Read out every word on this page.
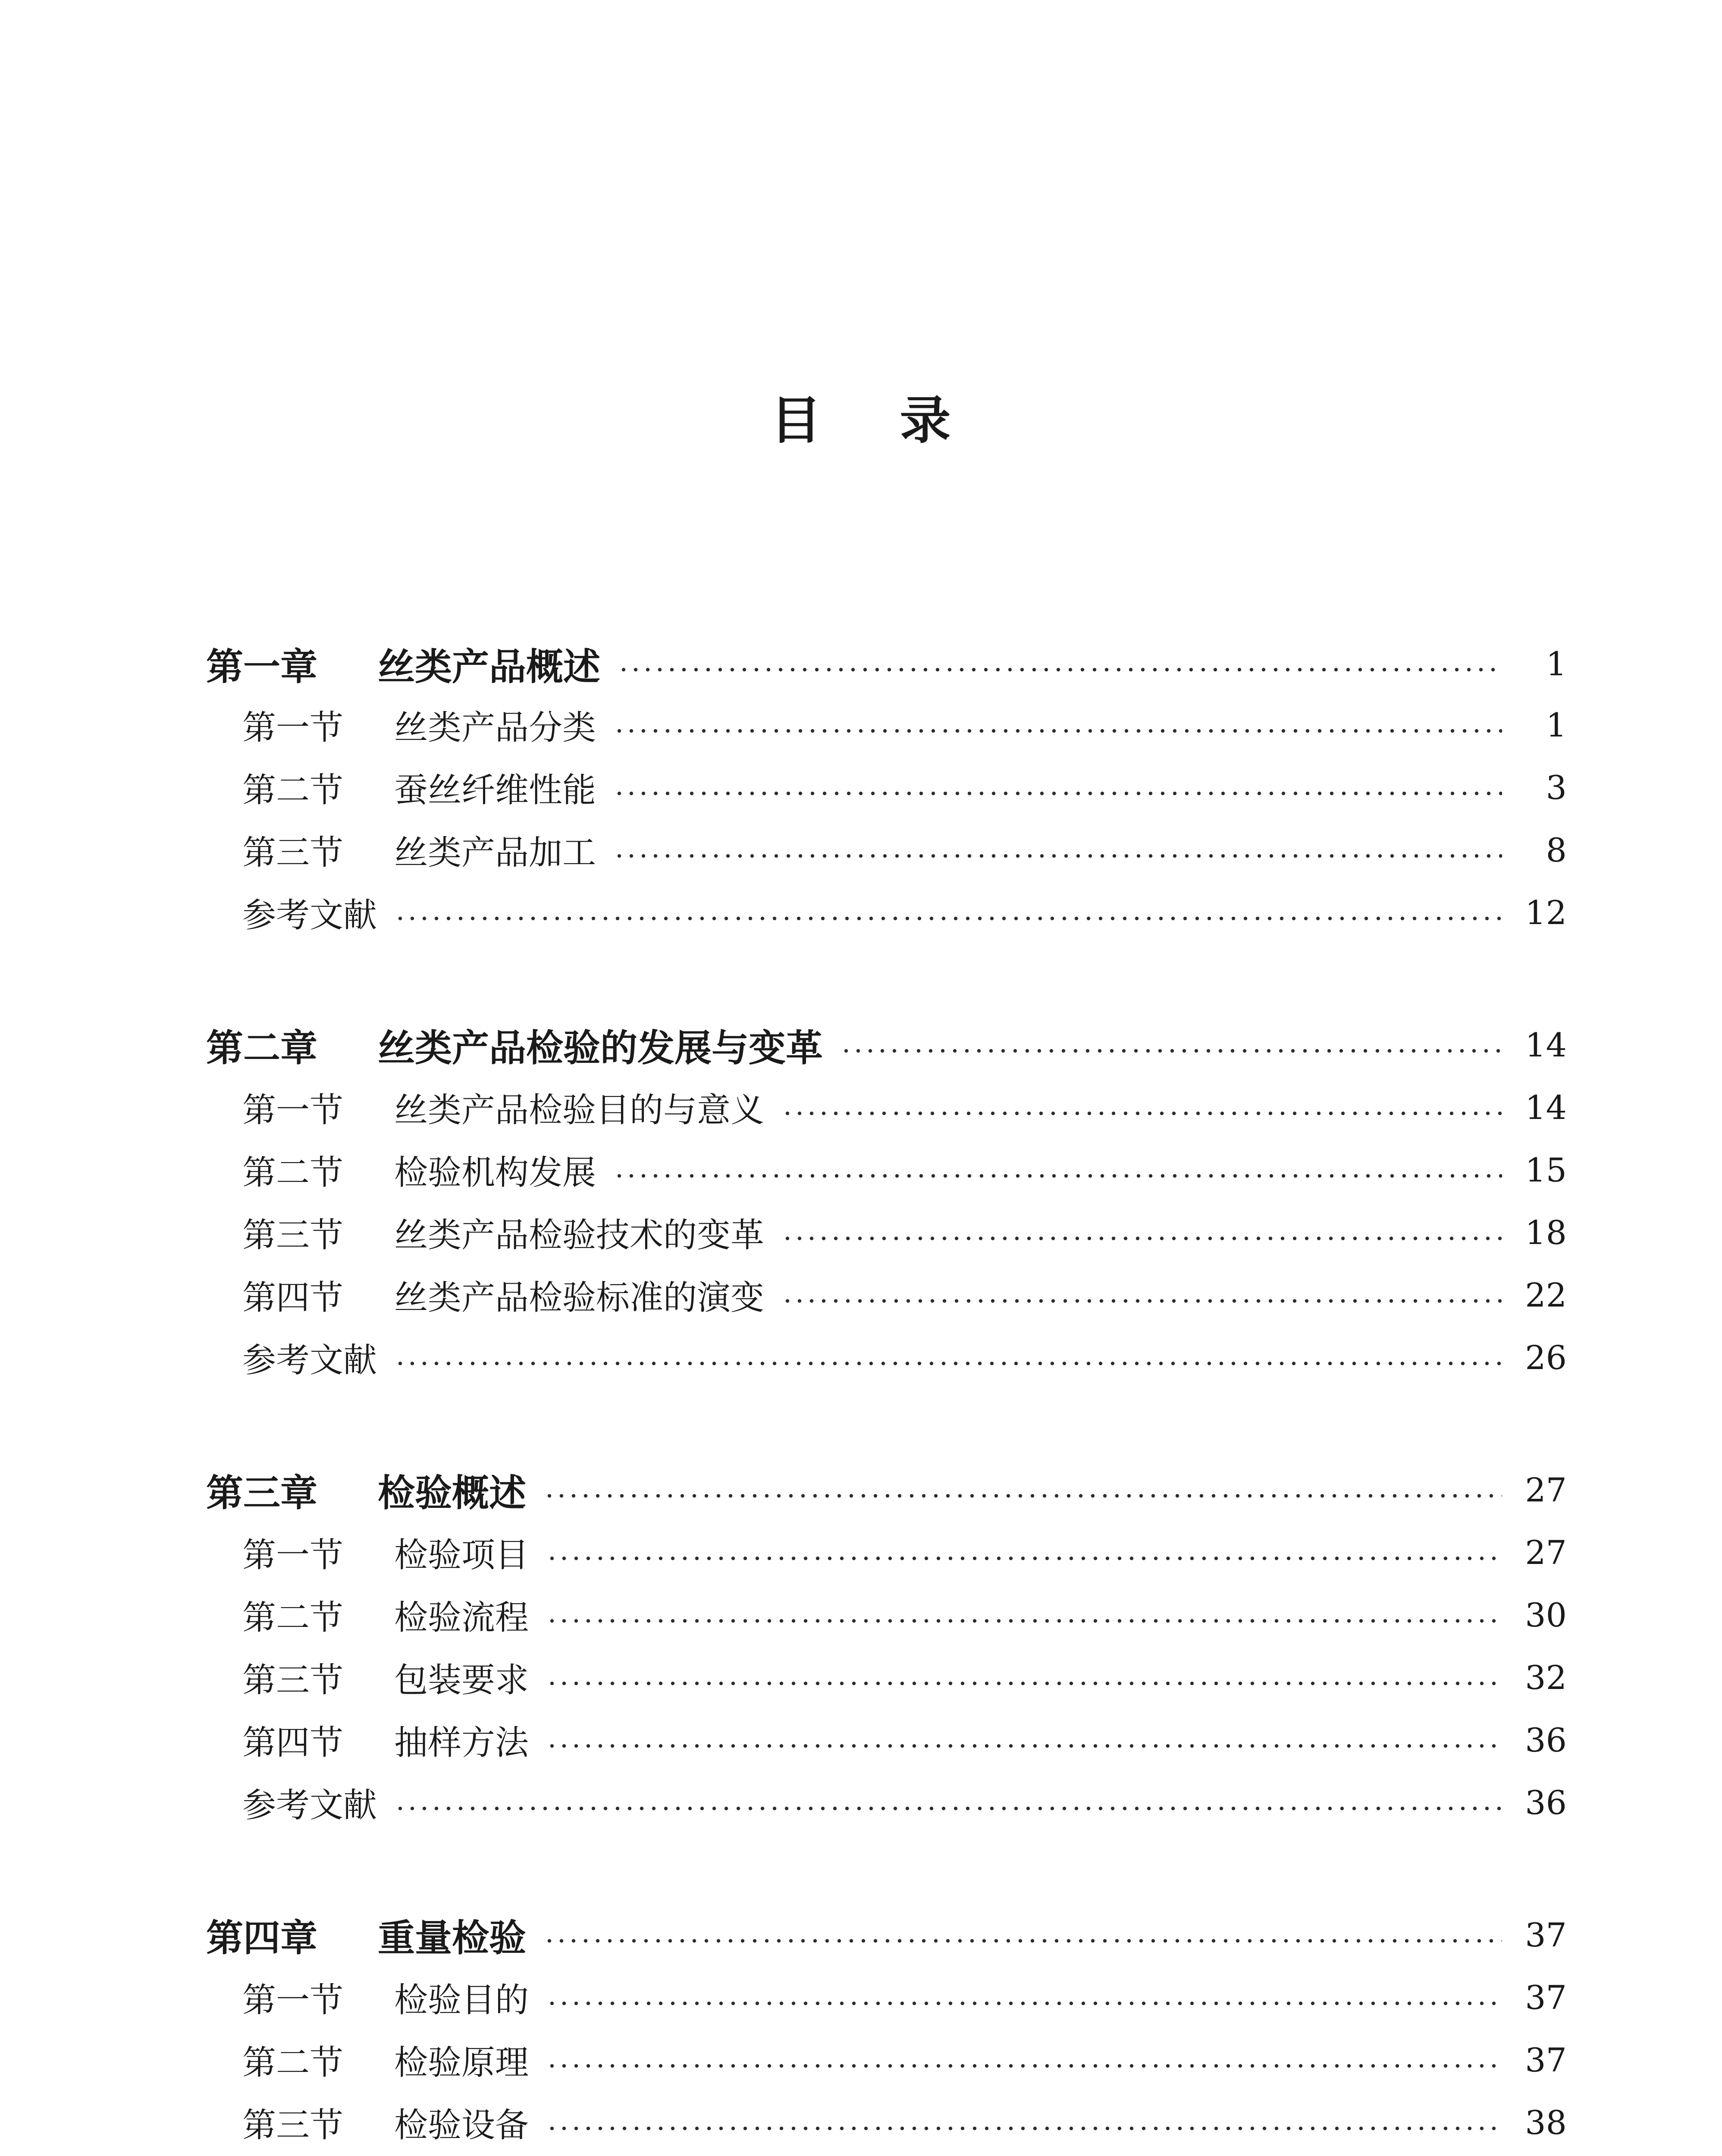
目 录
第一章	丝类产品概述	1
第一节	丝类产品分类	1
第二节	蚕丝纤维性能	3
第三节	丝类产品加工	8
参考文献	12
第二章	丝类产品检验的发展与变革	14
第一节	丝类产品检验目的与意义	14
第二节	检验机构发展	15
第三节	丝类产品检验技术的变革	18
第四节	丝类产品检验标准的演变	22
参考文献	26
第三章	检验概述	27
第一节	检验项目	27
第二节	检验流程	30
第三节	包装要求	32
第四节	抽样方法	36
参考文献	36
第四章	重量检验	37
第一节	检验目的	37
第二节	检验原理	37
第三节	检验设备	38
